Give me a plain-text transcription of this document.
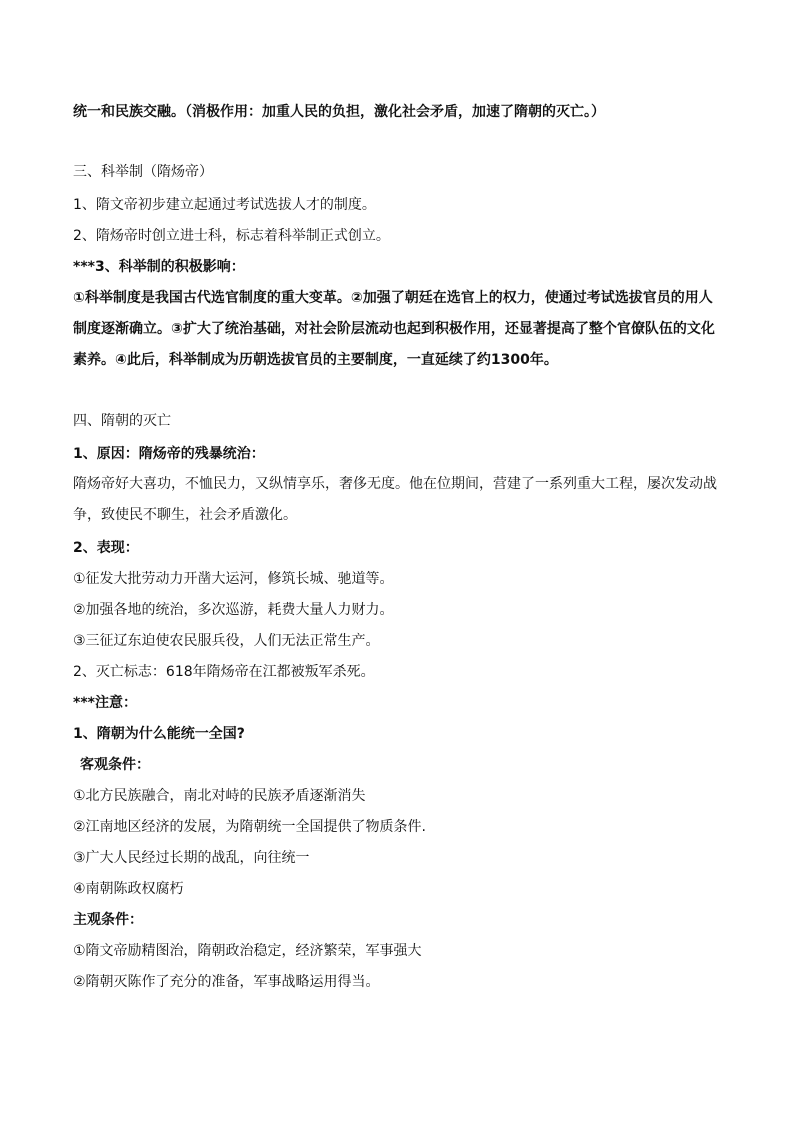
统一和民族交融。（消极作用：加重人民的负担，激化社会矛盾，加速了隋朝的灭亡。）
三、科举制（隋炀帝）
1、隋文帝初步建立起通过考试选拔人才的制度。
2、隋炀帝时创立进士科，标志着科举制正式创立。
***3、科举制的积极影响：
①科举制度是我国古代选官制度的重大变革。②加强了朝廷在选官上的权力，使通过考试选拔官员的用人制度逐渐确立。③扩大了统治基础，对社会阶层流动也起到积极作用，还显著提高了整个官僚队伍的文化素养。④此后，科举制成为历朝选拔官员的主要制度，一直延续了约1300年。
四、隋朝的灭亡
1、原因：隋炀帝的残暴统治：
隋炀帝好大喜功，不恤民力，又纵情享乐，奢侈无度。他在位期间，营建了一系列重大工程，屡次发动战争，致使民不聊生，社会矛盾激化。
2、表现：
①征发大批劳动力开凿大运河，修筑长城、驰道等。
②加强各地的统治，多次巡游，耗费大量人力财力。
③三征辽东迫使农民服兵役，人们无法正常生产。
2、灭亡标志：618年隋炀帝在江都被叛军杀死。
***注意：
1、隋朝为什么能统一全国?
客观条件：
①北方民族融合，南北对峙的民族矛盾逐渐消失
②江南地区经济的发展，为隋朝统一全国提供了物质条件.
③广大人民经过长期的战乱，向往统一
④南朝陈政权腐朽
主观条件：
①隋文帝励精图治，隋朝政治稳定，经济繁荣，军事强大
②隋朝灭陈作了充分的准备，军事战略运用得当。
